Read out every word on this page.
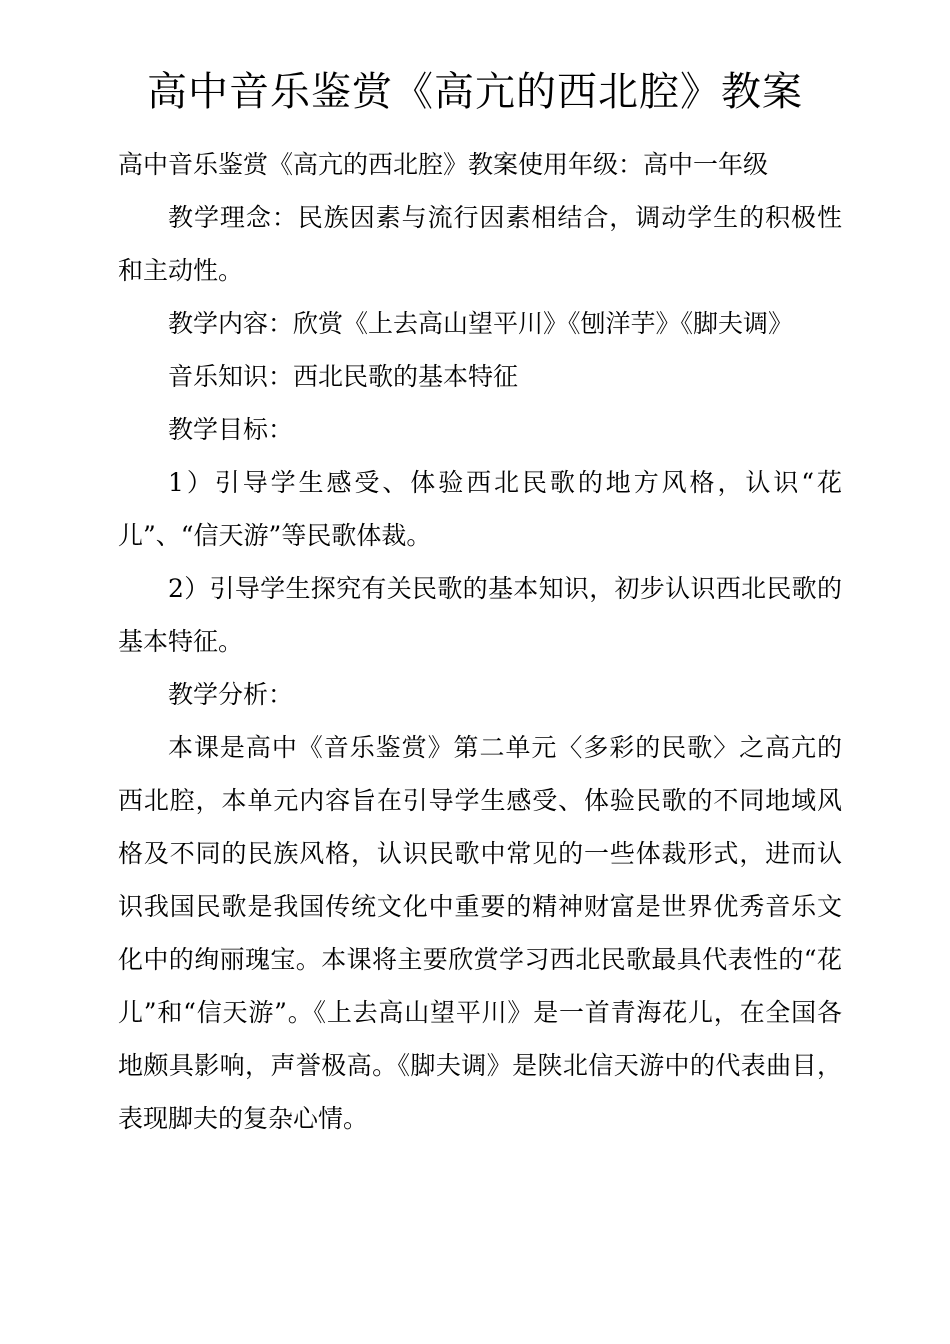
高中音乐鉴赏《高亢的西北腔》教案

高中音乐鉴赏《高亢的西北腔》教案使用年级：高中一年级

教学理念：民族因素与流行因素相结合，调动学生的积极性和主动性。

教学内容：欣赏《上去高山望平川》《刨洋芋》《脚夫调》

音乐知识：西北民歌的基本特征

教学目标：

1）引导学生感受、体验西北民歌的地方风格，认识“花儿”、“信天游”等民歌体裁。

2）引导学生探究有关民歌的基本知识，初步认识西北民歌的基本特征。

教学分析：

本课是高中《音乐鉴赏》第二单元〈多彩的民歌〉之高亢的西北腔，本单元内容旨在引导学生感受、体验民歌的不同地域风格及不同的民族风格，认识民歌中常见的一些体裁形式，进而认识我国民歌是我国传统文化中重要的精神财富是世界优秀音乐文化中的绚丽瑰宝。本课将主要欣赏学习西北民歌最具代表性的“花儿”和“信天游”。《上去高山望平川》是一首青海花儿，在全国各地颇具影响，声誉极高。《脚夫调》是陕北信天游中的代表曲目，表现脚夫的复杂心情。
